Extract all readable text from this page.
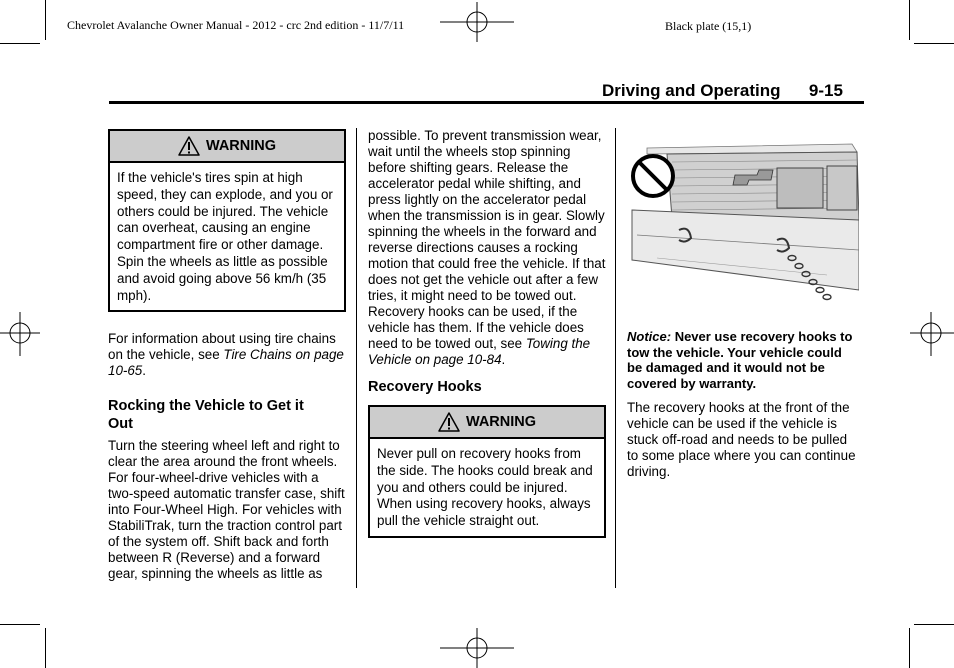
Chevrolet Avalanche Owner Manual - 2012 - crc 2nd edition - 11/7/11	Black plate (15,1)
Driving and Operating 9-15
WARNING
If the vehicle's tires spin at high speed, they can explode, and you or others could be injured. The vehicle can overheat, causing an engine compartment fire or other damage. Spin the wheels as little as possible and avoid going above 56 km/h (35 mph).

For information about using tire chains on the vehicle, see Tire Chains on page 10-65.

Rocking the Vehicle to Get it Out

Turn the steering wheel left and right to clear the area around the front wheels. For four-wheel-drive vehicles with a two-speed automatic transfer case, shift into Four-Wheel High. For vehicles with StabiliTrak, turn the traction control part of the system off. Shift back and forth between R (Reverse) and a forward gear, spinning the wheels as little as

possible. To prevent transmission wear, wait until the wheels stop spinning before shifting gears. Release the accelerator pedal while shifting, and press lightly on the accelerator pedal when the transmission is in gear. Slowly spinning the wheels in the forward and reverse directions causes a rocking motion that could free the vehicle. If that does not get the vehicle out after a few tries, it might need to be towed out. Recovery hooks can be used, if the vehicle has them. If the vehicle does need to be towed out, see Towing the Vehicle on page 10-84.

Recovery Hooks
WARNING
Never pull on recovery hooks from the side. The hooks could break and you and others could be injured. When using recovery hooks, always pull the vehicle straight out.

Notice: Never use recovery hooks to tow the vehicle. Your vehicle could be damaged and it would not be covered by warranty.

The recovery hooks at the front of the vehicle can be used if the vehicle is stuck off-road and needs to be pulled to some place where you can continue driving.
